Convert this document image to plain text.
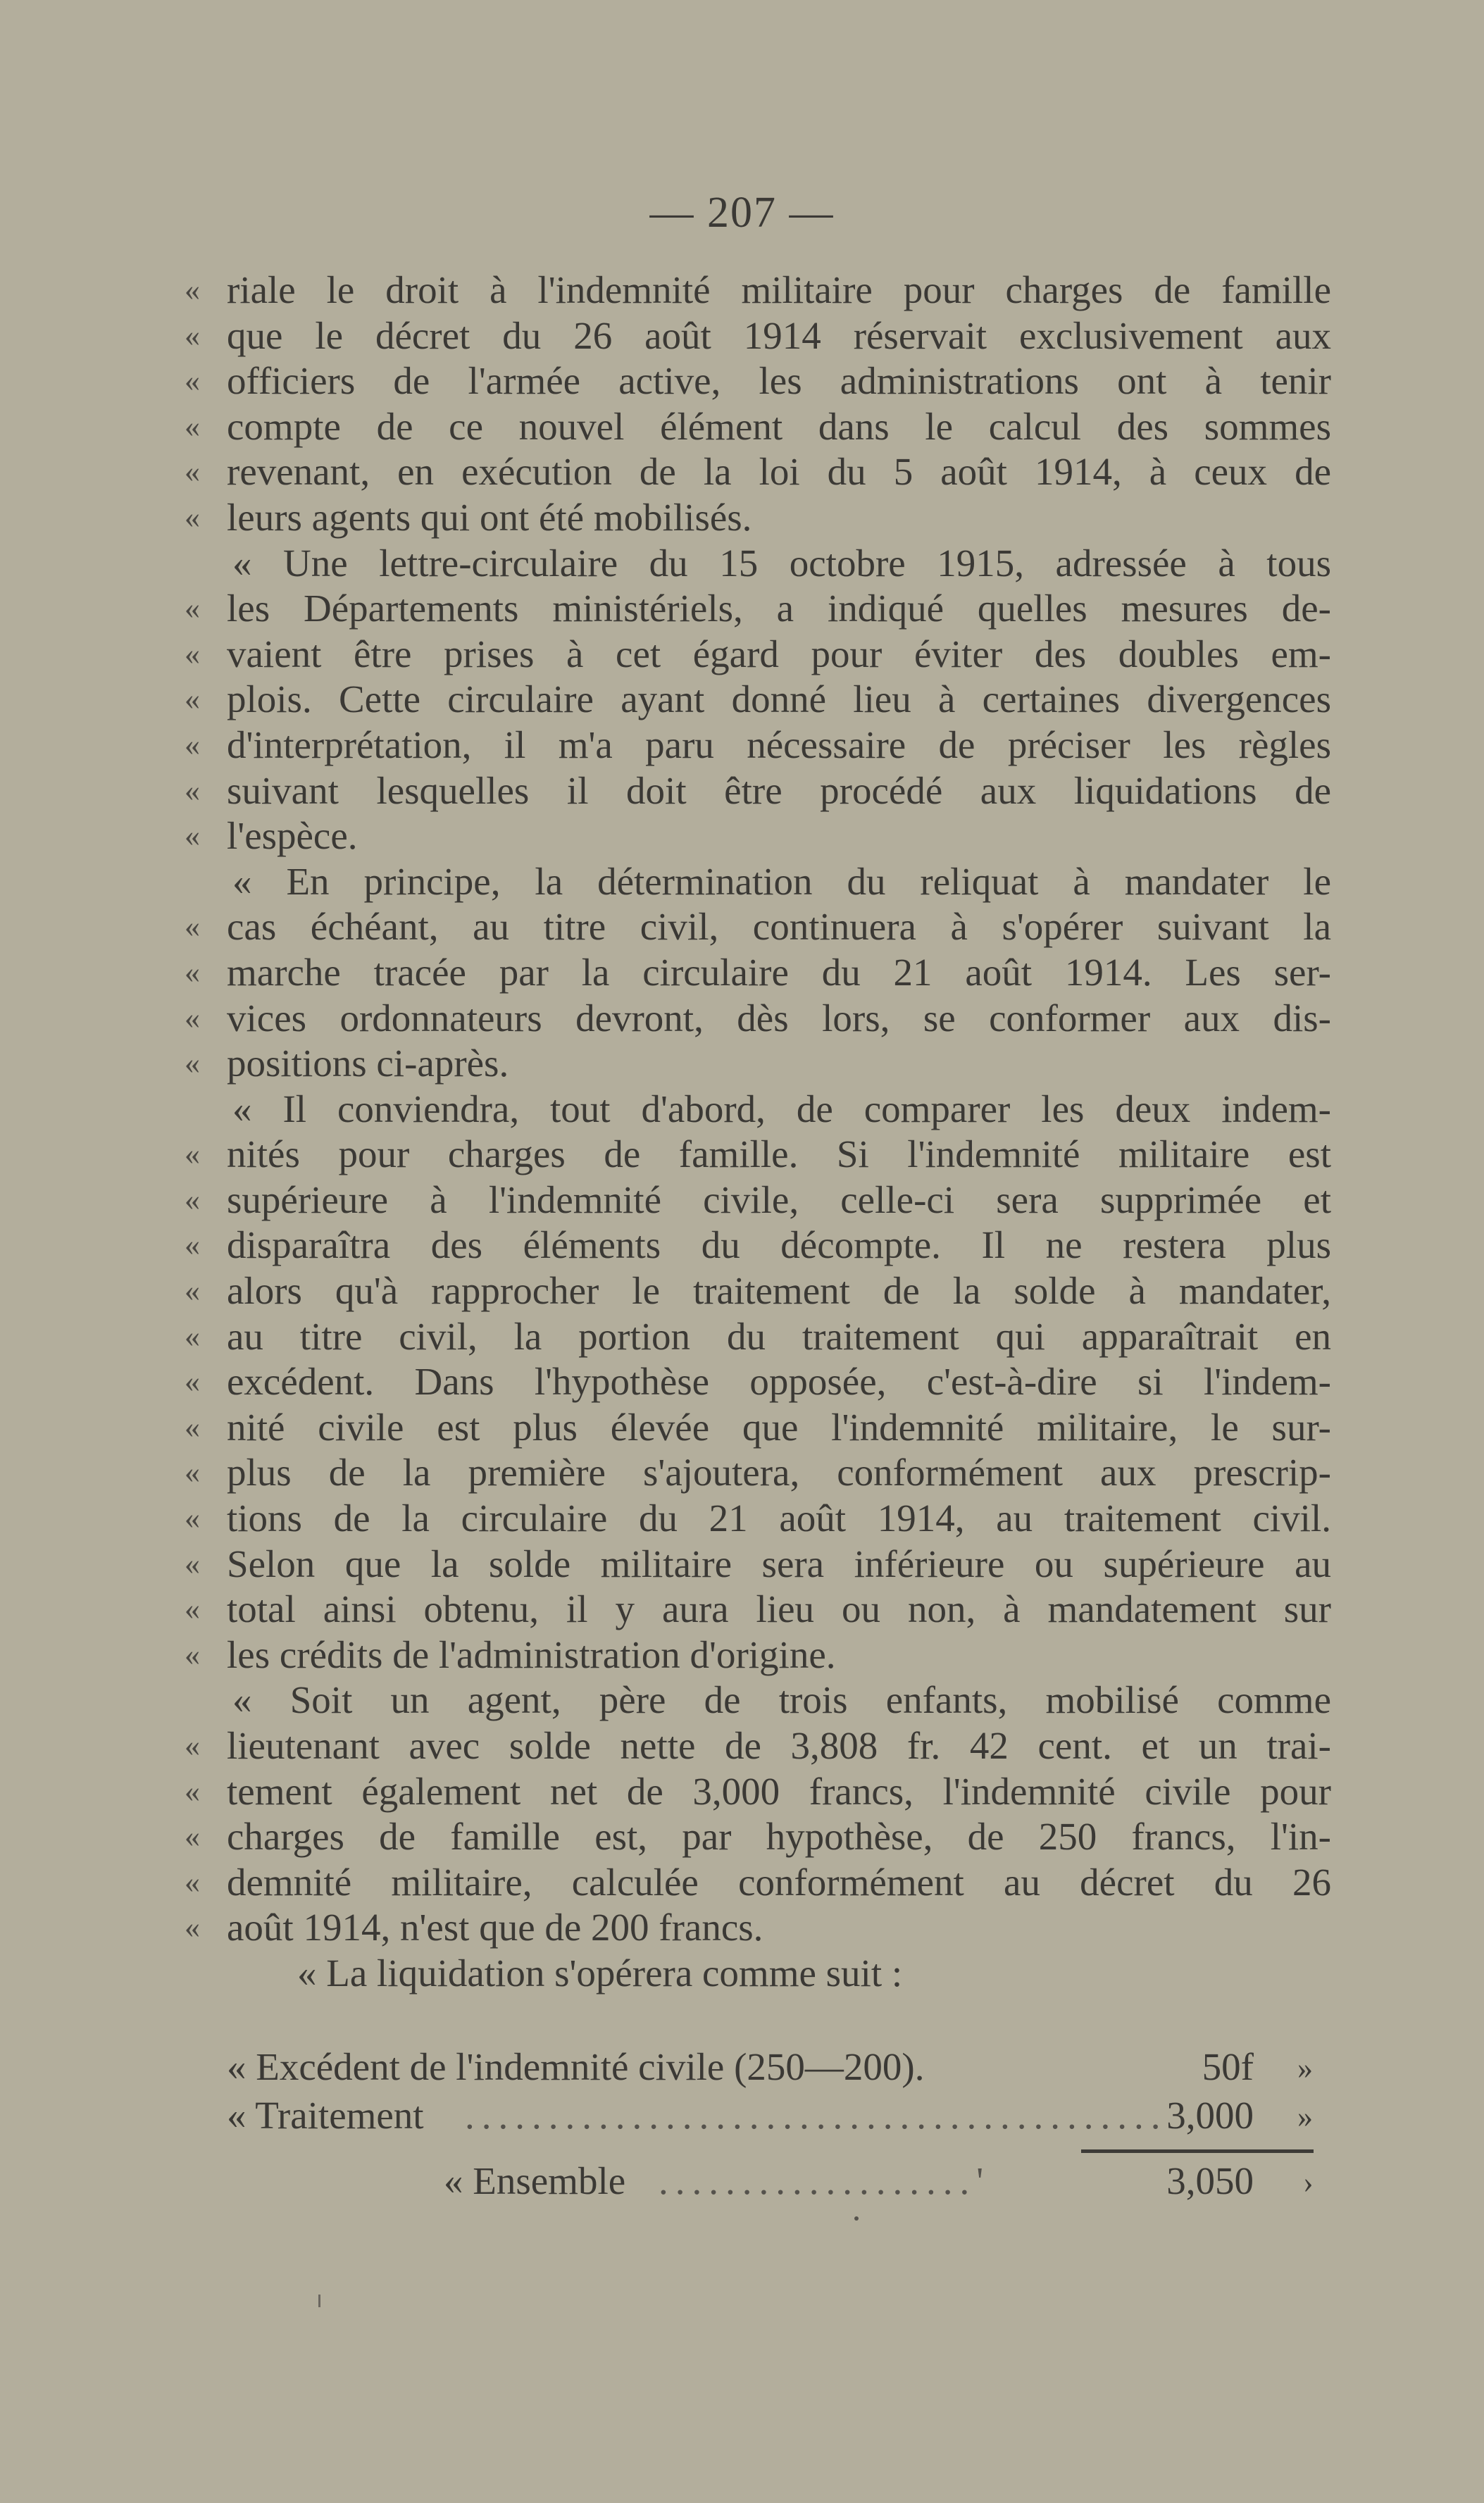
— 207 —
« riale le droit à l'indemnité militaire pour charges de famille
« que le décret du 26 août 1914 réservait exclusivement aux
« officiers de l'armée active, les administrations ont à tenir
« compte de ce nouvel élément dans le calcul des sommes
« revenant, en exécution de la loi du 5 août 1914, à ceux de
« leurs agents qui ont été mobilisés.
« Une lettre-circulaire du 15 octobre 1915, adressée à tous
« les Départements ministériels, a indiqué quelles mesures de-
« vaient être prises à cet égard pour éviter des doubles em-
« plois. Cette circulaire ayant donné lieu à certaines divergences
« d'interprétation, il m'a paru nécessaire de préciser les règles
« suivant lesquelles il doit être procédé aux liquidations de
« l'espèce.
« En principe, la détermination du reliquat à mandater le
« cas échéant, au titre civil, continuera à s'opérer suivant la
« marche tracée par la circulaire du 21 août 1914. Les ser-
« vices ordonnateurs devront, dès lors, se conformer aux dis-
« positions ci-après.
« Il conviendra, tout d'abord, de comparer les deux indem-
« nités pour charges de famille. Si l'indemnité militaire est
« supérieure à l'indemnité civile, celle-ci sera supprimée et
« disparaîtra des éléments du décompte. Il ne restera plus
« alors qu'à rapprocher le traitement de la solde à mandater,
« au titre civil, la portion du traitement qui apparaîtrait en
« excédent. Dans l'hypothèse opposée, c'est-à-dire si l'indem-
« nité civile est plus élevée que l'indemnité militaire, le sur-
« plus de la première s'ajoutera, conformément aux prescrip-
« tions de la circulaire du 21 août 1914, au traitement civil.
« Selon que la solde militaire sera inférieure ou supérieure au
« total ainsi obtenu, il y aura lieu ou non, à mandatement sur
« les crédits de l'administration d'origine.
« Soit un agent, père de trois enfants, mobilisé comme
« lieutenant avec solde nette de 3,808 fr. 42 cent. et un trai-
« tement également net de 3,000 francs, l'indemnité civile pour
« charges de famille est, par hypothèse, de 250 francs, l'in-
« demnité militaire, calculée conformément au décret du 26
« août 1914, n'est que de 200 francs.
« La liquidation s'opérera comme suit :
« Excédent de l'indemnité civile (250—200).	50f »
« Traitement ..........................................
3,000 »
« Ensemble ...................'	3,050 ›
